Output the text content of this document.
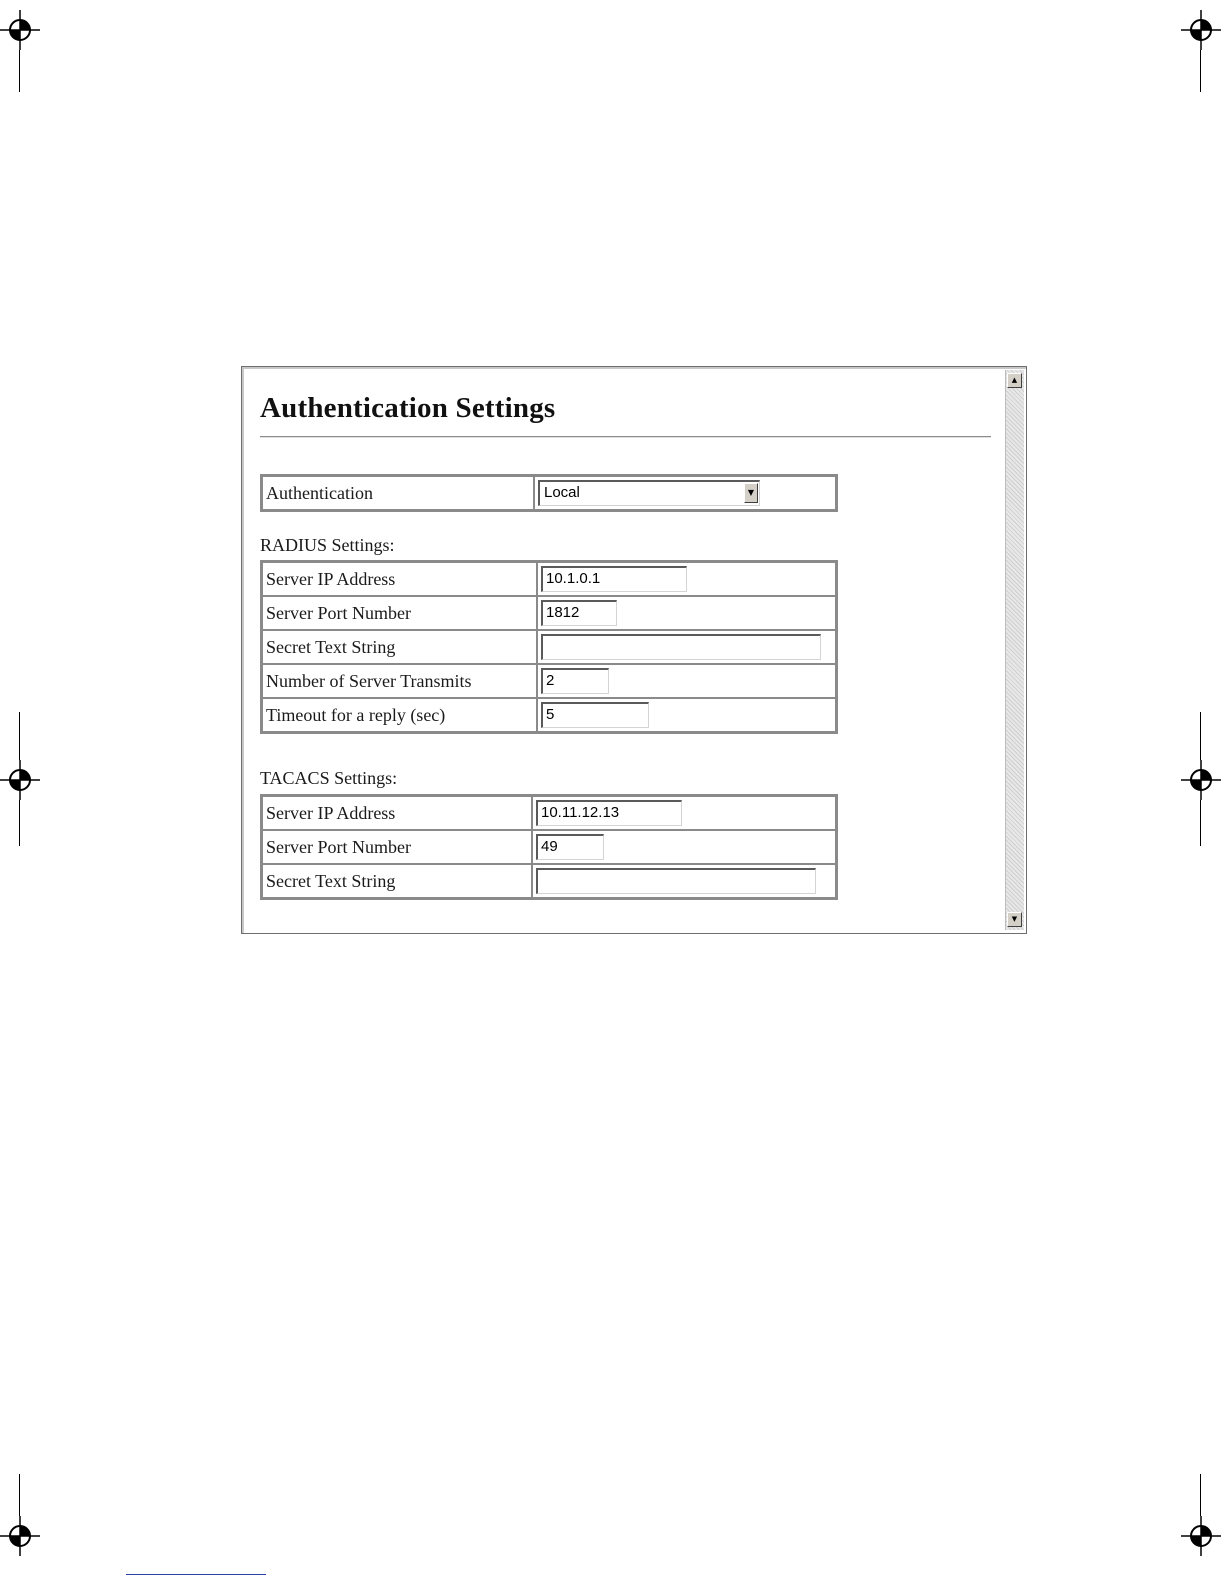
Authentication Settings
Authentication	Local	▼
RADIUS Settings:
Server IP Address	10.1.0.1
Server Port Number	1812
Secret Text String	
Number of Server Transmits	2
Timeout for a reply (sec)	5
TACACS Settings:
Server IP Address	10.11.12.13
Server Port Number	49
Secret Text String	
▲
▼
